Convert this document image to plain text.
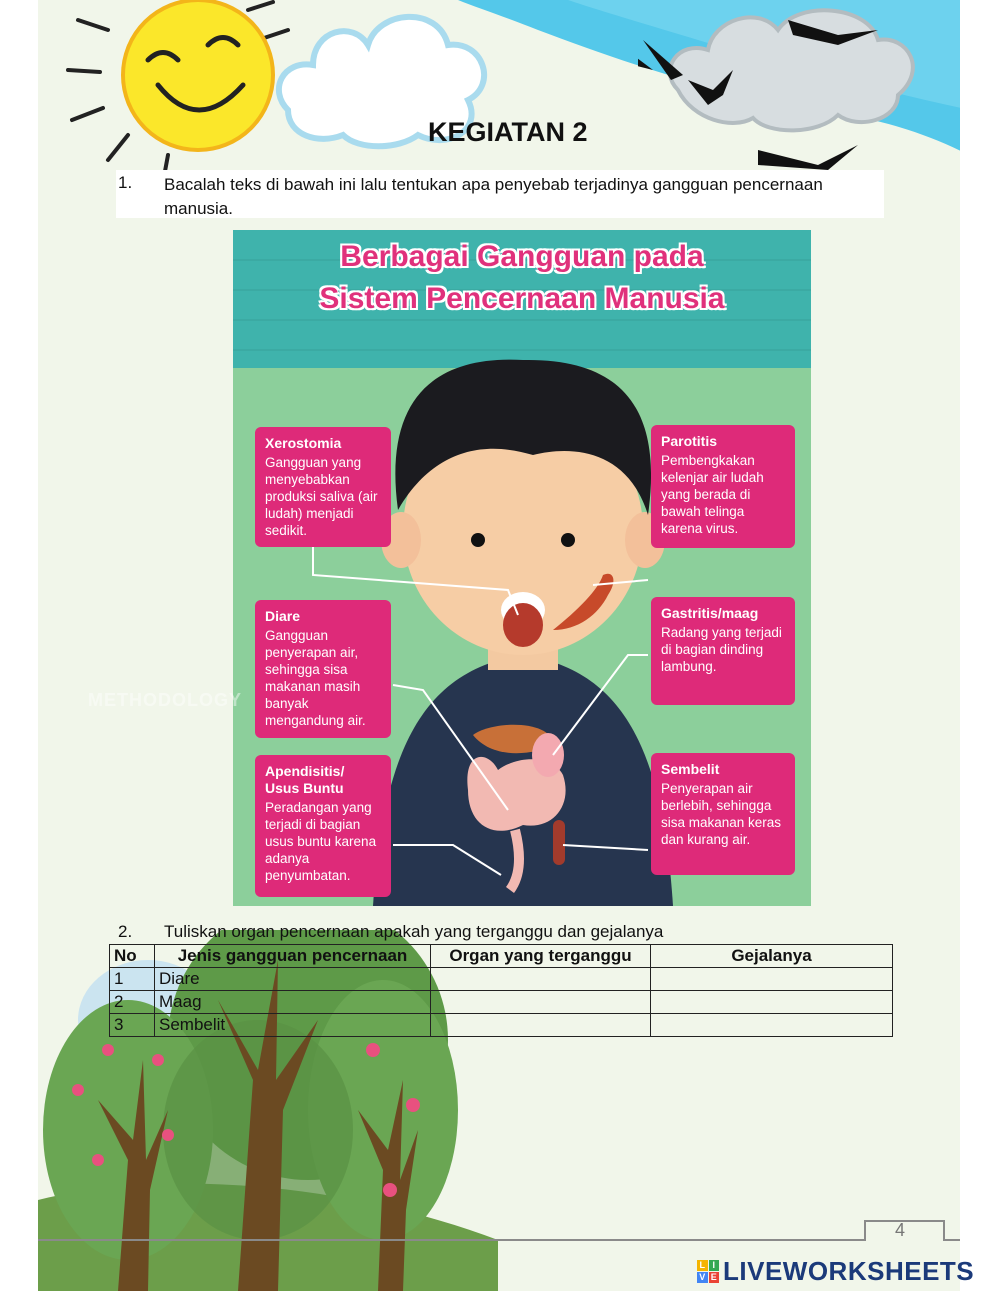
KEGIATAN 2
1. Bacalah teks di bawah ini lalu tentukan apa penyebab terjadinya gangguan pencernaan manusia.
Berbagai Gangguan pada
Sistem Pencernaan Manusia
Xerostomia
Gangguan yang menyebabkan produksi saliva (air ludah) menjadi sedikit.
Parotitis
Pembengkakan kelenjar air ludah yang berada di bawah telinga karena virus.
Diare
Gangguan penyerapan air, sehingga sisa makanan masih banyak mengandung air.
Gastritis/maag
Radang yang terjadi di bagian dinding lambung.
Apendisitis/ Usus Buntu
Peradangan yang terjadi di bagian usus buntu karena adanya penyumbatan.
Sembelit
Penyerapan air berlebih, sehingga sisa makanan keras dan kurang air.
METHODOLOGY
2. Tuliskan organ pencernaan apakah yang terganggu dan gejalanya
No	Jenis gangguan pencernaan	Organ yang terganggu	Gejalanya
1	Diare		
2	Maag		
3	Sembelit		
4
L I
V E LIVEWORKSHEETS
